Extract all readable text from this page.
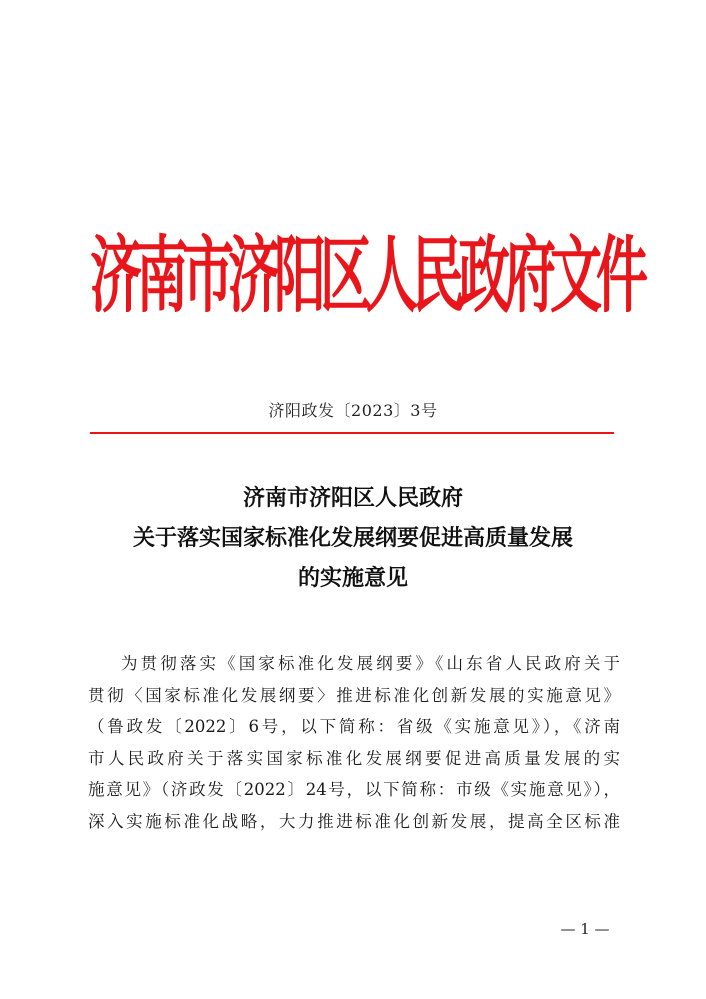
济南市济阳区人民政府文件
济阳政发〔2023〕3号
济南市济阳区人民政府
关于落实国家标准化发展纲要促进高质量发展
的实施意见
为贯彻落实《国家标准化发展纲要》《山东省人民政府关于
贯彻〈国家标准化发展纲要〉推进标准化创新发展的实施意见》
（鲁政发〔2022〕6号，以下简称：省级《实施意见》），《济南
市人民政府关于落实国家标准化发展纲要促进高质量发展的实
施意见》（济政发〔2022〕24号，以下简称：市级《实施意见》），
深入实施标准化战略，大力推进标准化创新发展，提高全区标准
— 1 —
